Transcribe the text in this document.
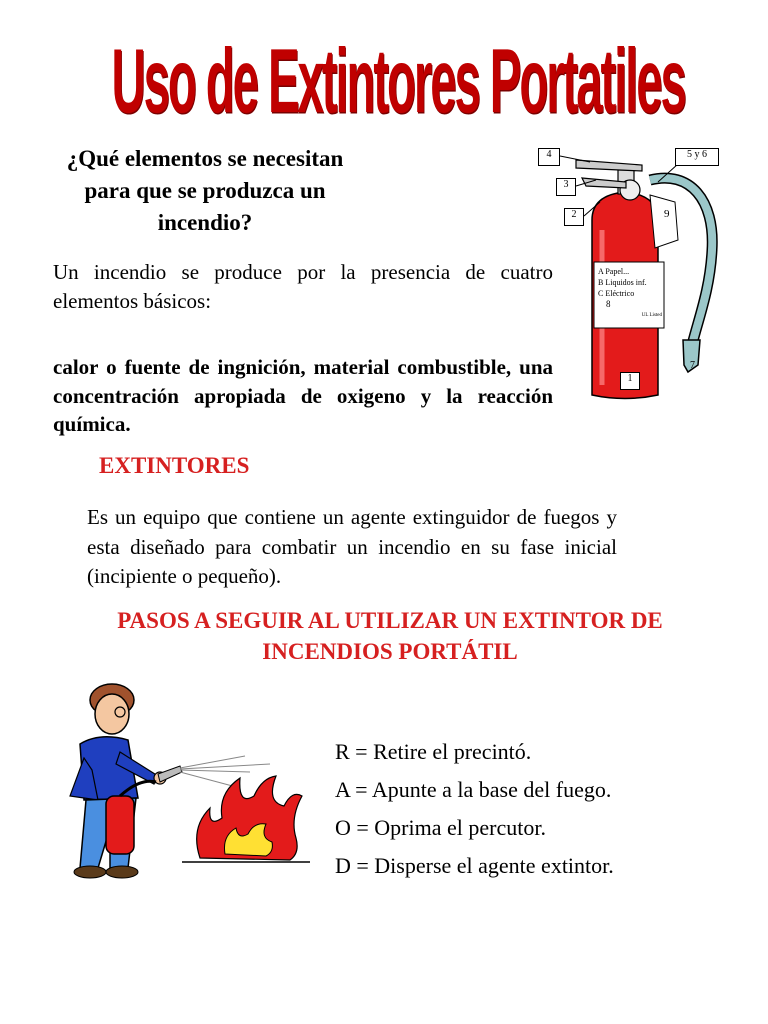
Uso de Extintores Portatiles
¿Qué elementos se necesitan para que se produzca un incendio?
Un incendio se produce por la presencia de cuatro elementos básicos:
calor o fuente de ingnición, material combustible, una concentración apropiada de oxigeno y la reacción química.
EXTINTORES
Es un equipo que contiene un agente extinguidor de fuegos y esta diseñado para combatir un incendio en su fase inicial (incipiente o pequeño).
PASOS A SEGUIR AL UTILIZAR UN EXTINTOR DE INCENDIOS PORTÁTIL
R = Retire el precintó.
A = Apunte a la base del fuego.
O = Oprima el percutor.
D = Disperse el agente extintor.
4	5 y 6
3
2	9
1
7
A Papel...
B Liquidos inf.
C Eléctrico
8
UL Listed
